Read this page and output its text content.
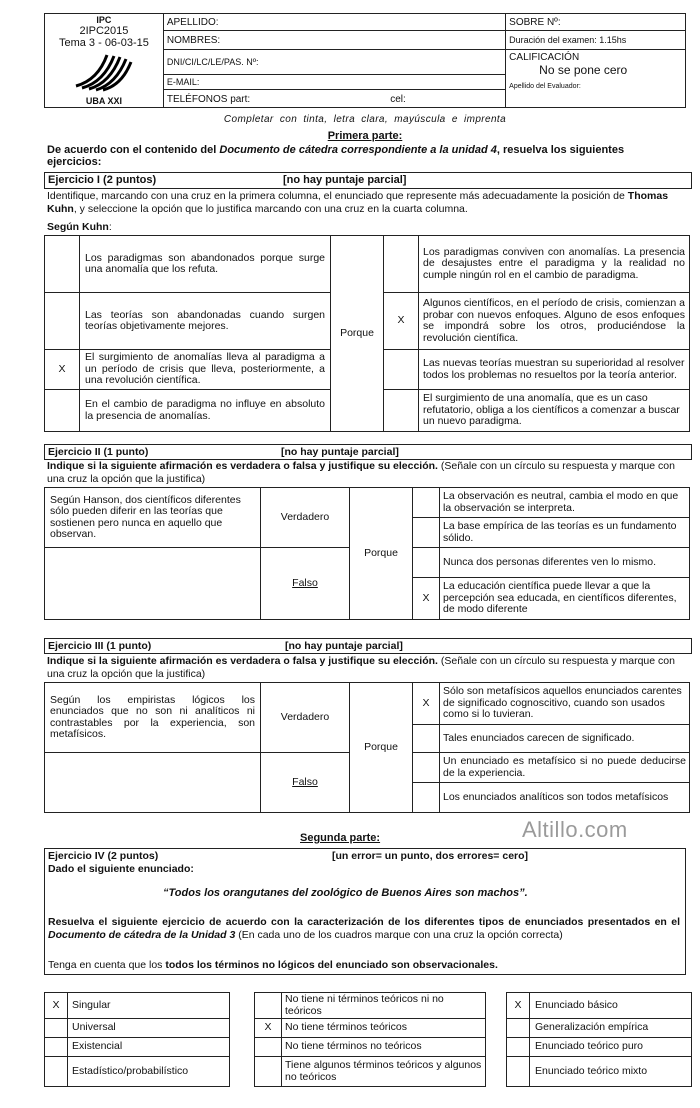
IPC
2IPC2015
Tema 3 - 06-03-15
UBA XXI	APELLIDO:	SOBRE Nº:
	NOMBRES:	Duración del examen: 1.15hs
	DNI/CI/LC/LE/PAS. Nº:	CALIFICACIÓN
No se pone cero
Apellido del Evaluador:

	E-MAIL:	
	TELÉFONOS part: cel:	
Completar con tinta, letra clara, mayúscula e imprenta
Primera parte:
De acuerdo con el contenido del Documento de cátedra correspondiente a la unidad 4, resuelva los siguientes ejercicios:
Ejercicio I (2 puntos)	[no hay puntaje parcial]
Identifique, marcando con una cruz en la primera columna, el enunciado que represente más adecuadamente la posición de Thomas Kuhn, y seleccione la opción que lo justifica marcando con una cruz en la cuarta columna.
Según Kuhn:
	Los paradigmas son abandonados porque surge una anomalía que los refuta.	Porque		Los paradigmas conviven con anomalías. La presencia de desajustes entre el paradigma y la realidad no cumple ningún rol en el cambio de paradigma.
	Las teorías son abandonadas cuando surgen teorías objetivamente mejores.		X	Algunos científicos, en el período de crisis, comienzan a probar con nuevos enfoques. Alguno de esos enfoques se impondrá sobre los otros, produciéndose la revolución científica.
X	El surgimiento de anomalías lleva al paradigma a un período de crisis que lleva, posteriormente, a una revolución científica.			Las nuevas teorías muestran su superioridad al resolver todos los problemas no resueltos por la teoría anterior.
	En el cambio de paradigma no influye en absoluto la presencia de anomalías.			El surgimiento de una anomalía, que es un caso refutatorio, obliga a los científicos a comenzar a buscar un nuevo paradigma.
Ejercicio II (1 punto)	[no hay puntaje parcial]
Indique si la siguiente afirmación es verdadera o falsa y justifique su elección. (Señale con un círculo su respuesta y marque con una cruz la opción que la justifica)
Según Hanson, dos científicos diferentes sólo pueden diferir en las teorías que sostienen pero nunca en aquello que observan.	Verdadero	Porque		La observación es neutral, cambia el modo en que la observación se interpreta.
				La base empírica de las teorías es un fundamento sólido.
	Falso			Nunca dos personas diferentes ven lo mismo.
			X	La educación científica puede llevar a que la percepción sea educada, en científicos diferentes, de modo diferente
Ejercicio III (1 punto)	[no hay puntaje parcial]
Indique si la siguiente afirmación es verdadera o falsa y justifique su elección. (Señale con un círculo su respuesta y marque con una cruz la opción que la justifica)
Según los empiristas lógicos los enunciados que no son ni analíticos ni contrastables por la experiencia, son metafísicos.	Verdadero	Porque	X	Sólo son metafísicos aquellos enunciados carentes de significado cognoscitivo, cuando son usados como si lo tuvieran.
				Tales enunciados carecen de significado.
	Falso			Un enunciado es metafísico si no puede deducirse de la experiencia.
				Los enunciados analíticos son todos metafísicos
Segunda parte:	Altillo.com
Ejercicio IV (2 puntos)	[un error= un punto, dos errores= cero]
Dado el siguiente enunciado:
“Todos los orangutanes del zoológico de Buenos Aires son machos”.
Resuelva el siguiente ejercicio de acuerdo con la caracterización de los diferentes tipos de enunciados presentados en el Documento de cátedra de la Unidad 3 (En cada uno de los cuadros marque con una cruz la opción correcta)
Tenga en cuenta que los todos los términos no lógicos del enunciado son observacionales.
X	Singular
	Universal
	Existencial
	Estadístico/probabilístico
	No tiene ni términos teóricos ni no teóricos
X	No tiene términos teóricos
	No tiene términos no teóricos
	Tiene algunos términos teóricos y algunos no teóricos
X	Enunciado básico
	Generalización empírica
	Enunciado teórico puro
	Enunciado teórico mixto
